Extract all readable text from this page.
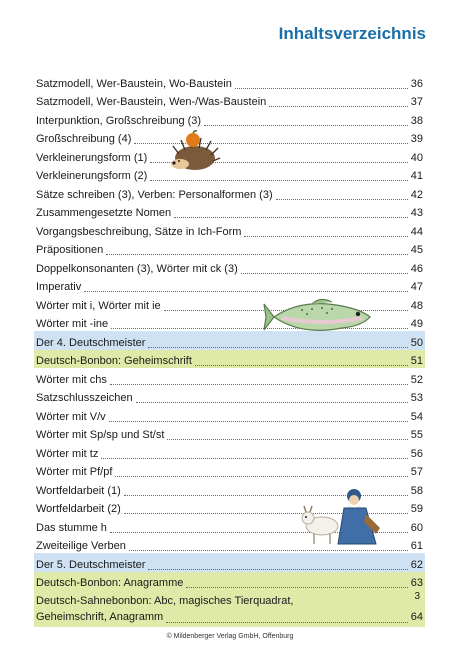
Inhaltsverzeichnis
Satzmodell, Wer-Baustein, Wo-Baustein	36
Satzmodell, Wer-Baustein, Wen-/Was-Baustein	37
Interpunktion, Großschreibung (3)	38
Großschreibung (4)	39
Verkleinerungsform (1)	40
Verkleinerungsform (2)	41
Sätze schreiben (3), Verben: Personalformen (3)	42
Zusammengesetzte Nomen	43
Vorgangsbeschreibung, Sätze in Ich-Form	44
Präpositionen	45
Doppelkonsonanten (3), Wörter mit ck (3)	46
Imperativ	47
Wörter mit i, Wörter mit ie	48
Wörter mit -ine	49
Der 4. Deutschmeister	50
Deutsch-Bonbon: Geheimschrift	51
Wörter mit chs	52
Satzschlusszeichen	53
Wörter mit V/v	54
Wörter mit Sp/sp und St/st	55
Wörter mit tz	56
Wörter mit Pf/pf	57
Wortfeldarbeit (1)	58
Wortfeldarbeit (2)	59
Das stumme h	60
Zweiteilige Verben	61
Der 5. Deutschmeister	62
Deutsch-Bonbon: Anagramme	63
Deutsch-Sahnebonbon: Abc, magisches Tierquadrat,
Geheimschrift, Anagramm	64
3
© Mildenberger Verlag GmbH, Offenburg
